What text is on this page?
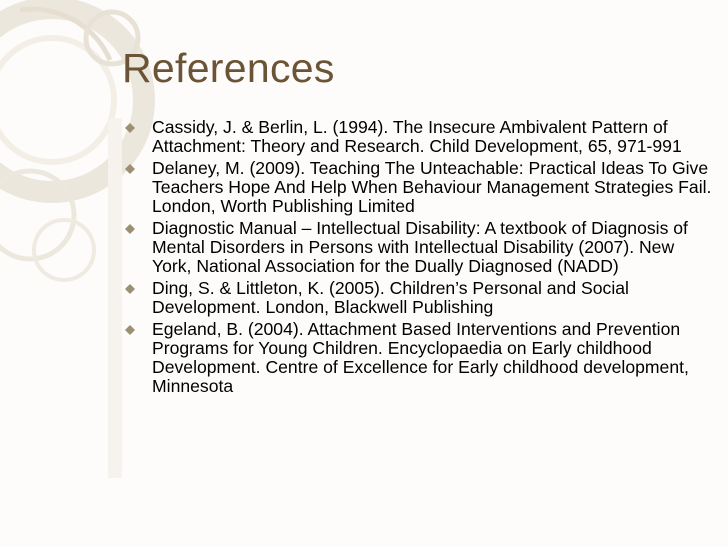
References
Cassidy, J. & Berlin, L. (1994). The Insecure Ambivalent Pattern of Attachment: Theory and Research. Child Development, 65, 971-991
Delaney, M. (2009). Teaching The Unteachable: Practical Ideas To Give Teachers Hope And Help When Behaviour Management Strategies Fail. London, Worth Publishing Limited
Diagnostic Manual – Intellectual Disability: A textbook of Diagnosis of Mental Disorders in Persons with Intellectual Disability (2007). New York, National Association for the Dually Diagnosed (NADD)
Ding, S. & Littleton, K. (2005). Children’s Personal and Social Development. London, Blackwell Publishing
Egeland, B. (2004). Attachment Based Interventions and Prevention Programs for Young Children. Encyclopaedia on Early childhood Development. Centre of Excellence for Early childhood development, Minnesota
